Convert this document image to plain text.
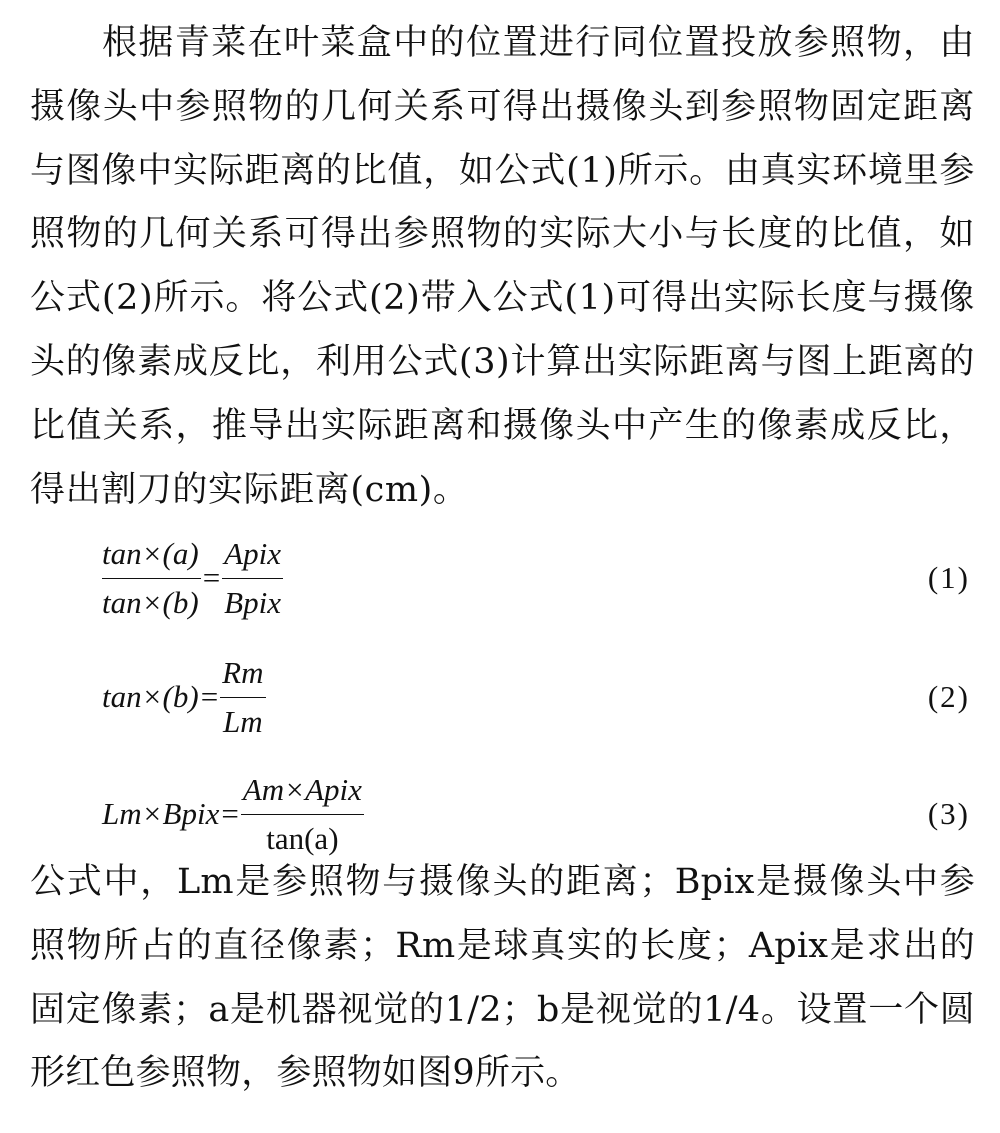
根据青菜在叶菜盒中的位置进行同位置投放参照物，由摄像头中参照物的几何关系可得出摄像头到参照物固定距离与图像中实际距离的比值，如公式(1)所示。由真实环境里参照物的几何关系可得出参照物的实际大小与长度的比值，如公式(2)所示。将公式(2)带入公式(1)可得出实际长度与摄像头的像素成反比，利用公式(3)计算出实际距离与图上距离的比值关系，推导出实际距离和摄像头中产生的像素成反比，得出割刀的实际距离(cm)。

$\frac{\tan\times(a)}{\tan\times(b)} = \frac{\text{Apix}}{\text{Bpix}}$	(1)
$\tan\times(b) = \frac{Rm}{Lm}$	(2)
Lm×Bpix = $\frac{\text{Am×Apix}}{\tan(a)}$	(3)

公式中，Lm是参照物与摄像头的距离；Bpix是摄像头中参照物所占的直径像素；Rm是球真实的长度；Apix是求出的固定像素；a是机器视觉的1/2；b是视觉的1/4。设置一个圆形红色参照物，参照物如图9所示。
